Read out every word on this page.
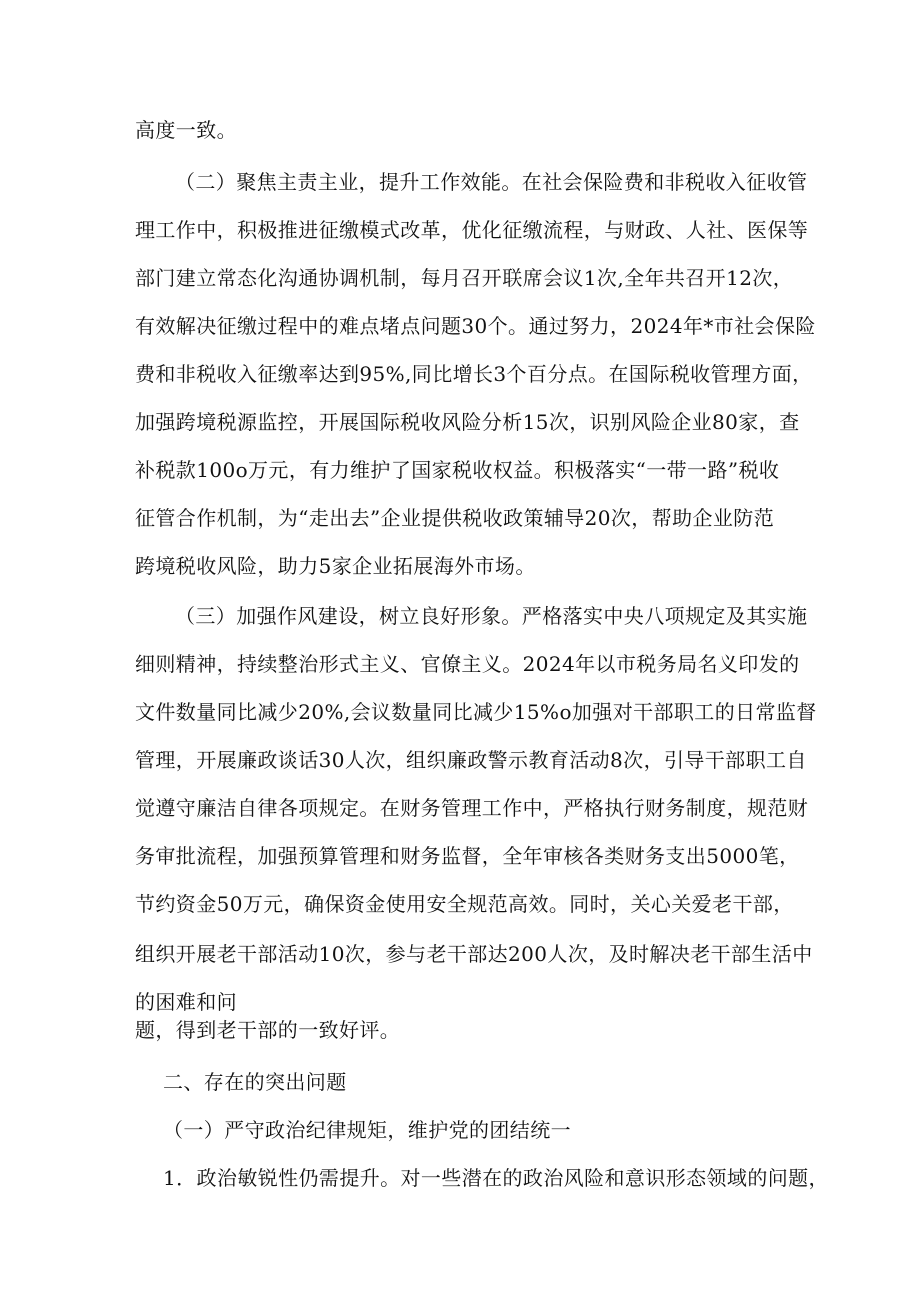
高度一致。
（二）聚焦主责主业，提升工作效能。在社会保险费和非税收入征收管
理工作中，积极推进征缴模式改革，优化征缴流程，与财政、人社、医保等
部门建立常态化沟通协调机制，每月召开联席会议1次,全年共召开12次，
有效解决征缴过程中的难点堵点问题30个。通过努力，2024年*市社会保险
费和非税收入征缴率达到95%,同比增长3个百分点。在国际税收管理方面，
加强跨境税源监控，开展国际税收风险分析15次，识别风险企业80家，查
补税款100o万元，有力维护了国家税收权益。积极落实“一带一路”税收
征管合作机制，为“走出去”企业提供税收政策辅导20次，帮助企业防范
跨境税收风险，助力5家企业拓展海外市场。
（三）加强作风建设，树立良好形象。严格落实中央八项规定及其实施
细则精神，持续整治形式主义、官僚主义。2024年以市税务局名义印发的
文件数量同比减少20%,会议数量同比减少15%o加强对干部职工的日常监督
管理，开展廉政谈话30人次，组织廉政警示教育活动8次，引导干部职工自
觉遵守廉洁自律各项规定。在财务管理工作中，严格执行财务制度，规范财
务审批流程，加强预算管理和财务监督，全年审核各类财务支出5000笔，
节约资金50万元，确保资金使用安全规范高效。同时，关心关爱老干部，
组织开展老干部活动10次，参与老干部达200人次，及时解决老干部生活中
的困难和问
题，得到老干部的一致好评。
二、存在的突出问题
（一）严守政治纪律规矩，维护党的团结统一
1．政治敏锐性仍需提升。对一些潜在的政治风险和意识形态领域的问题，
